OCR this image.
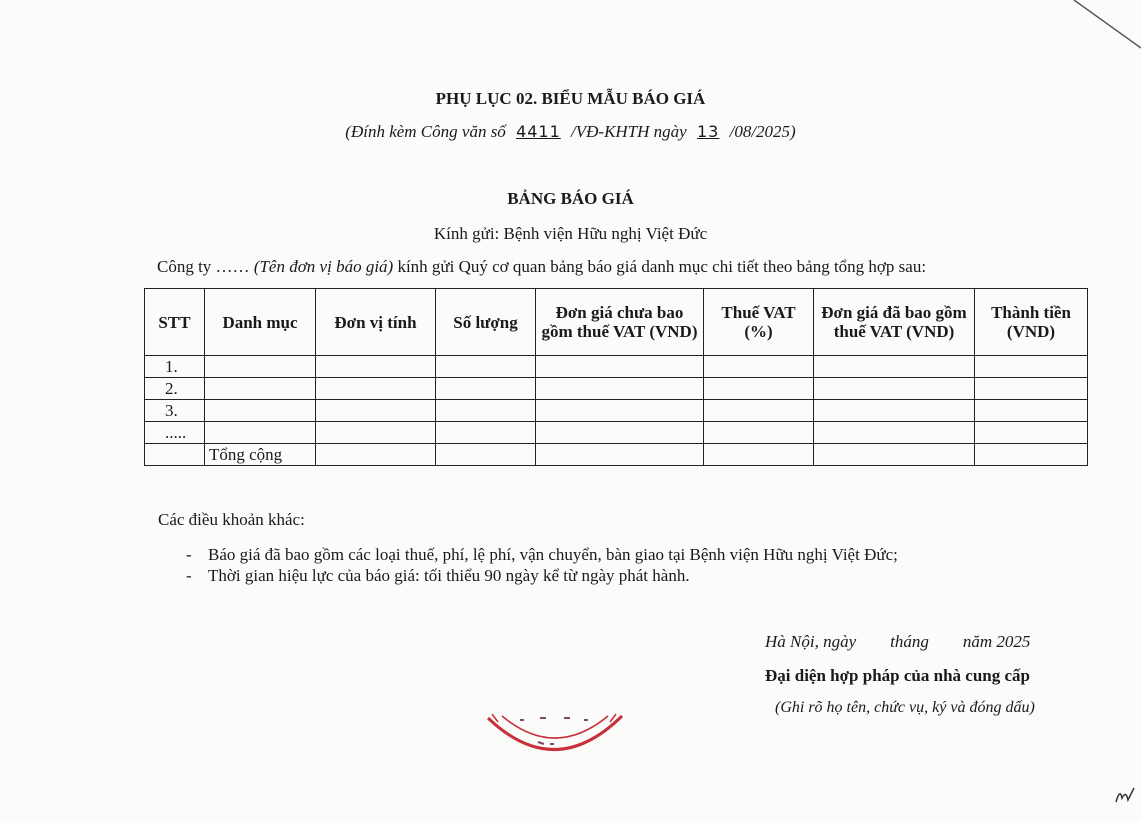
PHỤ LỤC 02. BIỂU MẪU BÁO GIÁ
(Đính kèm Công văn số 4411 /VĐ-KHTH ngày 13 /08/2025)
BẢNG BÁO GIÁ
Kính gửi: Bệnh viện Hữu nghị Việt Đức
Công ty …… (Tên đơn vị báo giá) kính gửi Quý cơ quan bảng báo giá danh mục chi tiết theo bảng tổng hợp sau:
STT	Danh mục	Đơn vị tính	Số lượng	Đơn giá chưa bao gồm thuế VAT (VND)	Thuế VAT (%)	Đơn giá đã bao gồm thuế VAT (VND)	Thành tiền (VND)
1.							
2.							
3.							
.....							
	Tổng cộng						
Các điều khoản khác:
- Báo giá đã bao gồm các loại thuế, phí, lệ phí, vận chuyển, bàn giao tại Bệnh viện Hữu nghị Việt Đức;
- Thời gian hiệu lực của báo giá: tối thiểu 90 ngày kể từ ngày phát hành.
Hà Nội, ngày        tháng        năm 2025
Đại diện hợp pháp của nhà cung cấp
(Ghi rõ họ tên, chức vụ, ký và đóng dấu)
